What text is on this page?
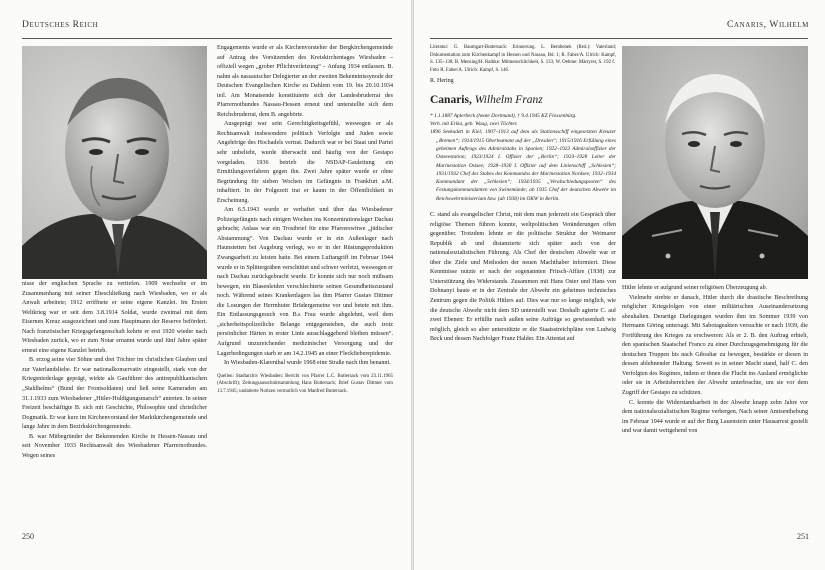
Deutsches Reich

nisse der englischen Sprache zu vertiefen. 1909 wechselte er im Zusammenhang mit seiner Eheschließung nach Wiesbaden, wo er als Anwalt arbeitete; 1912 eröffnete er seine eigene Kanzlei. Im Ersten Weltkrieg war er seit dem 3.8.1914 Soldat, wurde zweimal mit dem Eisernen Kreuz ausgezeichnet und zum Hauptmann der Reserve befördert. Nach französischer Kriegsgefangenschaft kehrte er erst 1920 wieder nach Wiesbaden zurück, wo er zum Notar ernannt wurde und fünf Jahre später erneut eine eigene Kanzlei betrieb.

B. erzog seine vier Söhne und drei Töchter im christlichen Glauben und zur Vaterlandsliebe. Er war nationalkonservativ eingestellt, stark von der Kriegsniederlage geprägt, wirkte als Gauführer des antirepublikanischen „Stahlhelms“ (Bund der Frontsoldaten) und ließ seine Kameraden am 31.1.1933 zum Wiesbadener „Hitler-Huldigungsmarsch“ antreten. In seiner Freizeit beschäftigte B. sich mit Geschichte, Philosophie und christlicher Dogmatik. Er war kurz im Kirchenvorstand der Marktkirchengemeinde und lange Jahre in dem Bezirkskirchengemeinde.

B. war Mitbegründer der Bekennenden Kirche in Hessen-Nassau und seit November 1933 Rechtsanwalt des Wiesbadener Pfarrernotbundes. Wegen seines

Engagements wurde er als Kirchenvorsteher der Bergkirchengemeinde auf Antrag des Vorsitzenden des Kreiskirchentages Wiesbaden – offiziell wegen „grober Pflichtverletzung“ – Anfang 1934 entlassen. B. nahm als nassauischer Delegierter an der zweiten Bekenntnissynode der Deutschen Evangelischen Kirche zu Dahlem vom 19. bis 20.10.1934 teil. Am Monatsende konstituierte sich der Landesbruderrat des Pfarrernotbundes Nassau-Hessen erneut und unterstellte sich dem Reichsbruderrat, dem B. angehörte.

Ausgeprägt war sein Gerechtigkeitsgefühl, weswegen er als Rechtsanwalt insbesondere politisch Verfolgte und Juden sowie Angehörige des Hochadels vertrat. Dadurch war er bei Staat und Partei sehr unbeliebt, wurde überwacht und häufig von der Gestapo vorgeladen. 1936 betrieb die NSDAP-Gauleitung ein Ermittlungsverfahren gegen ihn. Zwei Jahre später wurde er ohne Begründung für sieben Wochen im Gefängnis in Frankfurt a.M. inhaftiert. In der Folgezeit trat er kaum in der Öffentlichkeit in Erscheinung.

Am 6.5.1943 wurde er verhaftet und über das Wiesbadener Polizeigefängnis nach einigen Wochen ins Konzentrationslager Dachau gebracht; Anlass war ein Trostbrief für eine Pfarrerswitwe „jüdischer Abstammung“. Von Dachau wurde er in ein Außenlager nach Haunstetten bei Augsburg verlegt, wo er in der Rüstungsproduktion Zwangsarbeit zu leisten hatte. Bei einem Luftangriff im Februar 1944 wurde er in Splittergräben verschüttet und schwer verletzt, weswegen er nach Dachau zurückgebracht wurde. Er konnte sich nur noch mühsam bewegen, ein Blasenleiden verschlechterte seinen Gesundheitszustand noch. Während seines Krankenlagers las ihm Pfarrer Gustav Dittmer die Losungen der Herrnhuter Brüdergemeine vor und betete mit ihm. Ein Entlassungsgesuch von B.s Frau wurde abgelehnt, weil dem „sicherheitspolizeiliche Belange entgegenstehen, die auch trotz persönlicher Härten in erster Linie ausschlaggebend bleiben müssen“. Aufgrund unzureichender medizinischer Versorgung und der Lagerbedingungen starb er am 14.2.1945 an einer Fleckfieberepidemie.

In Wiesbaden-Klarenthal wurde 1968 eine Straße nach ihm benannt.

Quellen: Stadtarchiv Wiesbaden: Bericht von Pfarrer L.C. Buttersack vom 23.11.1965 (Abschrift); Zeitungsausschnittsammlung Hans Buttersack; Brief Gustav Dittmer vom 13.7.1945; undatierte Notizen vermutlich von Manfred Buttersack.
250
Canaris, Wilhelm
Literatur: G. Baumgart-Buttersack: Erinnerung. L. Bembenek (Red.): Vaterland; Dokumentation zum Kirchenkampf in Hessen und Nassau, Bd. 1; R. Faber/A. Ulrich: Kampf, S. 135–138; B. Mensing/H. Rathke: Mitmenschlichkeit, S. 133; W. Oehme: Märtyrer, S. 192 f.
Foto R. Faber/A. Ulrich: Kampf, S. 146.
R. Hering
Canaris, Wilhelm Franz
* 1.1.1887 Aplerbeck (heute Dortmund), † 9.4.1945 KZ Flossenbürg.
Verh. mit Erika, geb. Waag, zwei Töchter.
1896 Seekadett in Kiel; 1907–1913 auf dem als Stationsschiff eingesetzten Kreuzer „Bremen“; 1914/1915 Oberleutnant auf der „Dresden“; 1915/1916 Erfüllung eines geheimen Auftrags des Admiralstabs in Spanien; 1922–1923 Admiralsoffizier der Ostseestation; 1923/1924 I. Offizier der „Berlin“; 1924–1928 Leiter der Marinestation Ostsee; 1928–1930 I. Offizier auf dem Linienschiff „Schlesien“; 1931/1932 Chef des Stabes des Kommandos der Marinestation Nordsee; 1932–1934 Kommandant der „Schlesien“; 1934/1935 „Verabschiedungsposten“ des Festungskommandanten von Swinemünde; ab 1935 Chef der deutschen Abwehr im Reichswehrministerium bzw. (ab 1938) im OKW in Berlin.

C. stand als evangelischer Christ, mit dem man jederzeit ein Gespräch über religiöse Themen führen konnte, weltpolitischen Veränderungen offen gegenüber. Trotzdem lehnte er die politische Struktur der Weimarer Republik ab und distanzierte sich später auch von der nationalsozialistischen Führung. Als Chef der deutschen Abwehr war er über die Ziele und Methoden der neuen Machthaber informiert. Diese Kenntnisse nutzte er nach der sogenannten Fritsch-Affäre (1938) zur Unterstützung des Widerstands. Zusammen mit Hans Oster und Hans von Dohnanyi baute er in der Zentrale der Abwehr ein geheimes technisches Zentrum gegen die Politik Hitlers auf. Dies war nur so lange möglich, wie die deutsche Abwehr nicht dem SD unterstellt war. Deshalb agierte C. auf zwei Ebenen: Er erfüllte nach außen seine Aufträge so gewissenhaft wie möglich, gleich so aber unterstützte er die Staatsstreichpläne von Ludwig Beck und dessen Nachfolger Franz Halder. Ein Attentat auf

Hitler lehnte er aufgrund seiner religiösen Überzeugung ab.

Vielmehr strebte er danach, Hitler durch die drastische Beschreibung möglicher Kriegsfolgen von einer militärischen Auseinandersetzung abzuhalten. Derartige Darlegungen wurden ihm im Sommer 1939 von Hermann Göring untersagt. Mit Sabotageakten versuchte er nach 1939, die Fortführung des Krieges zu erschweren: Als er 2. B. den Auftrag erhielt, den spanischen Staatschef Franco zu einer Durchzugsgenehmigung für die deutschen Truppen bis nach Gibraltar zu bewegen, bestärkte er diesen in dessen ablehnender Haltung. Soweit es in seiner Macht stand, half C. den Verfolgten des Regimes, indem er ihnen die Flucht ins Ausland ermöglichte oder sie in Arbeitsbereichen der Abwehr unterbrachte, um sie vor dem Zugriff der Gestapo zu schützen.

C. konnte die Widerstandsarbeit in der Abwehr knapp zehn Jahre vor dem nationalsozialistischen Regime verbergen. Nach seiner Amtsenthebung im Februar 1944 wurde er auf der Burg Lauenstein unter Hausarrest gestellt und war damit weitgehend von

251
